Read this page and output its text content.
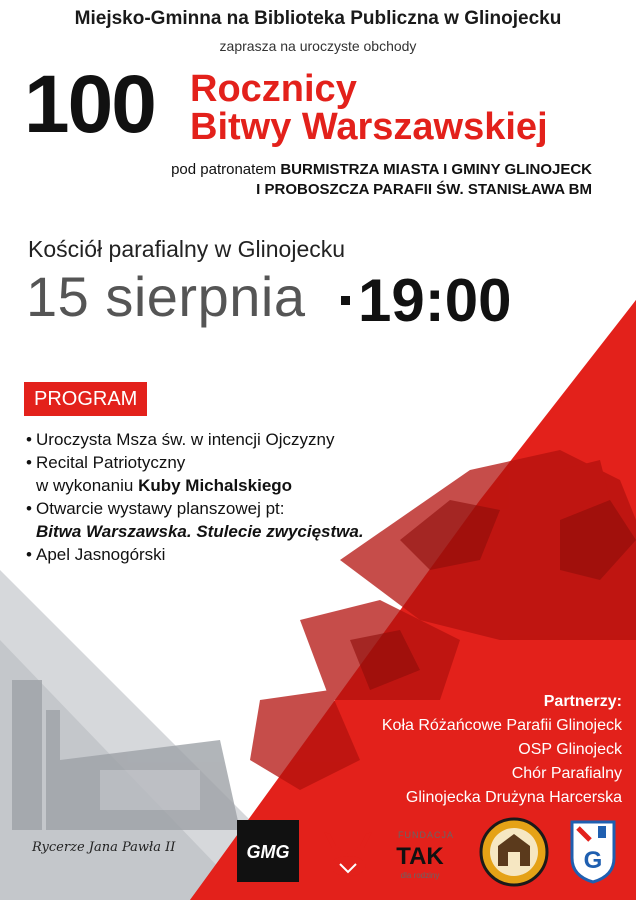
Miejsko-Gminna na Biblioteka Publiczna w Glinojecku
zaprasza na uroczyste obchody
100 Rocznicy
Bitwy Warszawskiej
pod patronatem BURMISTRZA MIASTA I GMINY GLINOJECK
I PROBOSZCZA PARAFII ŚW. STANISŁAWA BM
Kościół parafialny w Glinojecku
15 sierpnia 19:00
PROGRAM
• Uroczysta Msza św. w intencji Ojczyzny
• Recital Patriotyczny
w wykonaniu Kuby Michalskiego
• Otwarcie wystawy planszowej pt:
Bitwa Warszawska. Stulecie zwycięstwa.
• Apel Jasnogórski
Partnerzy:
Koła Różańcowe Parafii Glinojeck
OSP Glinojeck
Chór Parafialny
Glinojecka Drużyna Harcerska
Rycerze Jana Pawła II	GMG
FUNDACJA
TAK
dla rodziny
G
